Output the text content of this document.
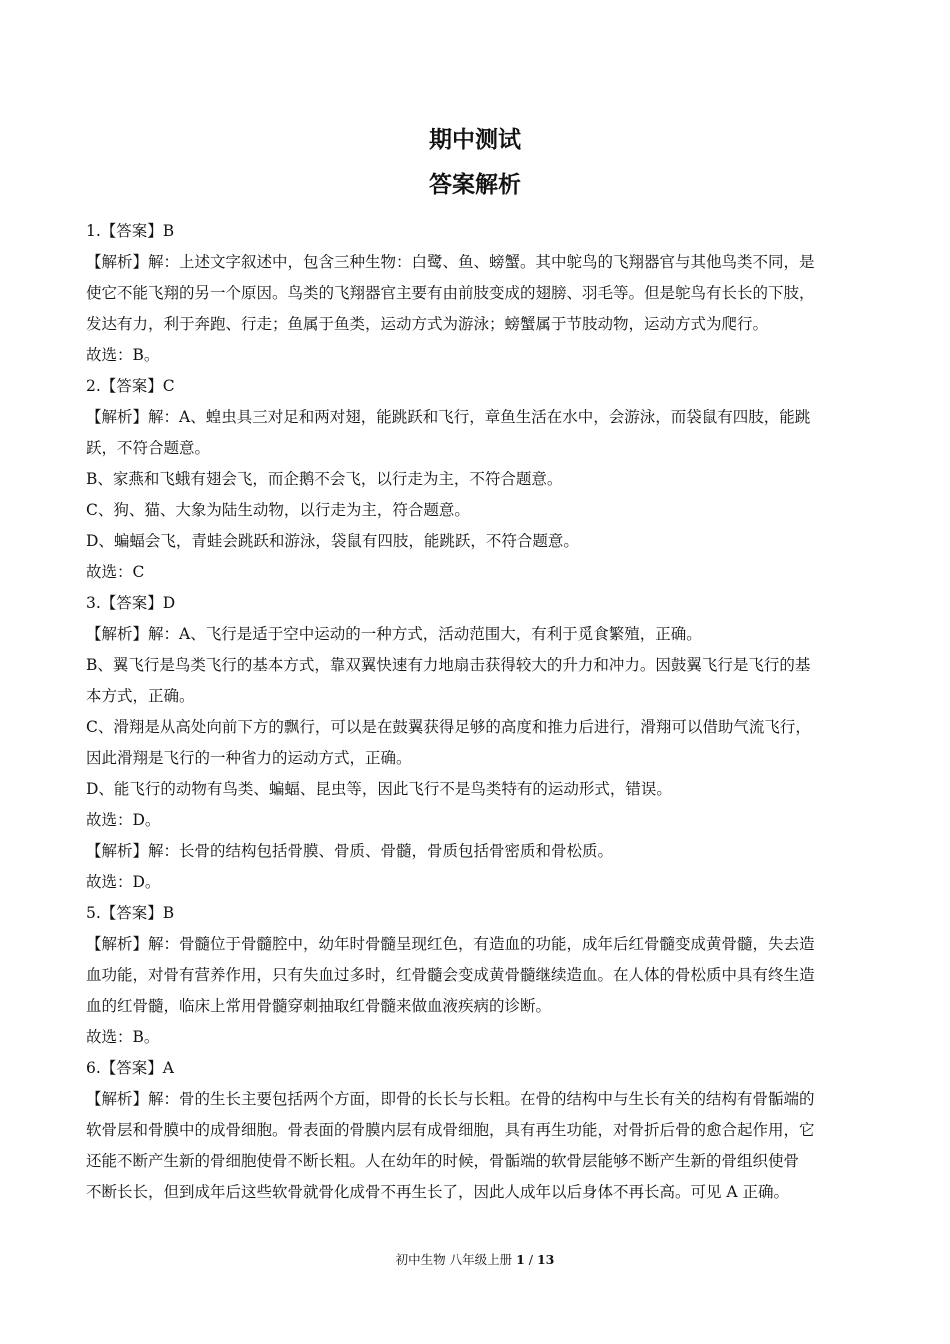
期中测试
答案解析
1.【答案】B
【解析】解：上述文字叙述中，包含三种生物：白鹭、鱼、螃蟹。其中鸵鸟的飞翔器官与其他鸟类不同，是
使它不能飞翔的另一个原因。鸟类的飞翔器官主要有由前肢变成的翅膀、羽毛等。但是鸵鸟有长长的下肢，
发达有力，利于奔跑、行走；鱼属于鱼类，运动方式为游泳；螃蟹属于节肢动物，运动方式为爬行。
故选：B。
2.【答案】C
【解析】解：A、蝗虫具三对足和两对翅，能跳跃和飞行，章鱼生活在水中，会游泳，而袋鼠有四肢，能跳
跃，不符合题意。
B、家燕和飞蛾有翅会飞，而企鹅不会飞，以行走为主，不符合题意。
C、狗、猫、大象为陆生动物，以行走为主，符合题意。
D、蝙蝠会飞，青蛙会跳跃和游泳，袋鼠有四肢，能跳跃，不符合题意。
故选：C
3.【答案】D
【解析】解：A、飞行是适于空中运动的一种方式，活动范围大，有利于觅食繁殖，正确。
B、翼飞行是鸟类飞行的基本方式，靠双翼快速有力地扇击获得较大的升力和冲力。因鼓翼飞行是飞行的基
本方式，正确。
C、滑翔是从高处向前下方的飘行，可以是在鼓翼获得足够的高度和推力后进行，滑翔可以借助气流飞行，
因此滑翔是飞行的一种省力的运动方式，正确。
D、能飞行的动物有鸟类、蝙蝠、昆虫等，因此飞行不是鸟类特有的运动形式，错误。
故选：D。
【解析】解：长骨的结构包括骨膜、骨质、骨髓，骨质包括骨密质和骨松质。
故选：D。
5.【答案】B
【解析】解：骨髓位于骨髓腔中，幼年时骨髓呈现红色，有造血的功能，成年后红骨髓变成黄骨髓，失去造
血功能，对骨有营养作用，只有失血过多时，红骨髓会变成黄骨髓继续造血。在人体的骨松质中具有终生造
血的红骨髓，临床上常用骨髓穿刺抽取红骨髓来做血液疾病的诊断。
故选：B。
6.【答案】A
【解析】解：骨的生长主要包括两个方面，即骨的长长与长粗。在骨的结构中与生长有关的结构有骨骺端的
软骨层和骨膜中的成骨细胞。骨表面的骨膜内层有成骨细胞，具有再生功能，对骨折后骨的愈合起作用，它
还能不断产生新的骨细胞使骨不断长粗。人在幼年的时候，骨骺端的软骨层能够不断产生新的骨组织使骨
不断长长，但到成年后这些软骨就骨化成骨不再生长了，因此人成年以后身体不再长高。可见 A 正确。
初中生物 八年级上册 1 / 13
